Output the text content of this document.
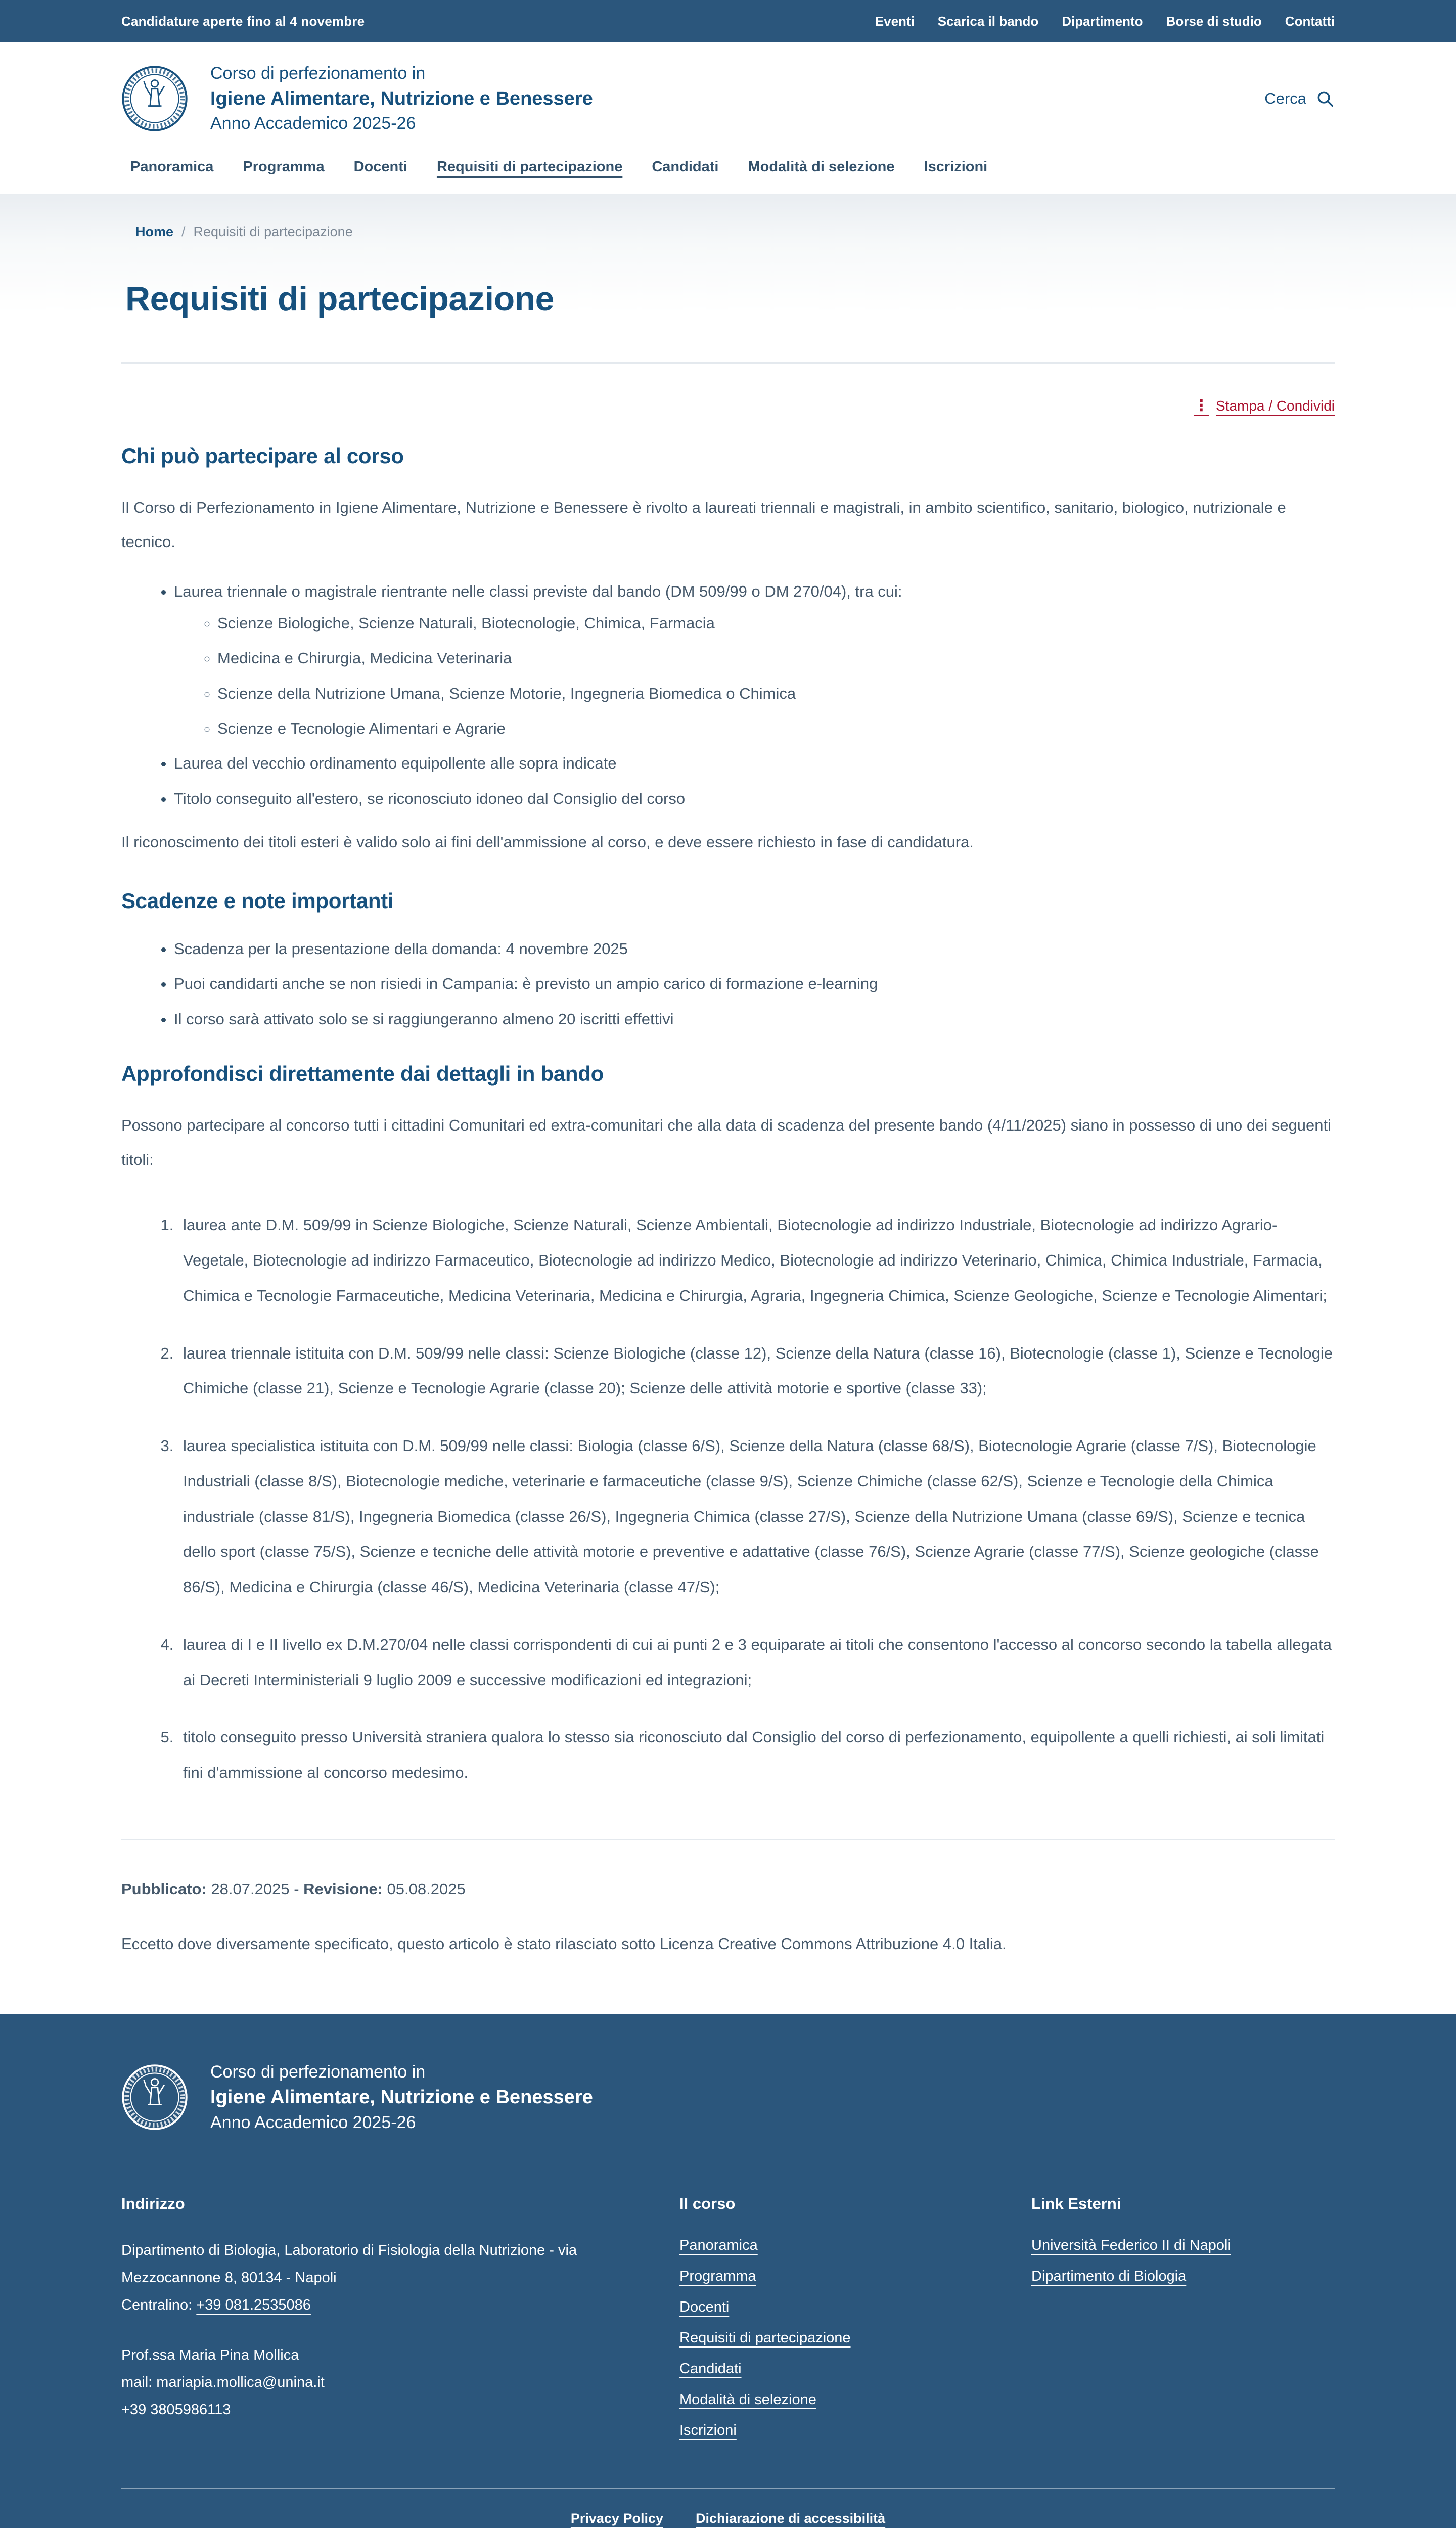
Candidature aperte fino al 4 novembre	Eventi Scarica il bando Dipartimento Borse di studio Contatti
Corso di perfezionamento in
Igiene Alimentare, Nutrizione e Benessere
Anno Accademico 2025-26
Cerca
Panoramica Programma Docenti Requisiti di partecipazione Candidati Modalità di selezione Iscrizioni
Home / Requisiti di partecipazione
Requisiti di partecipazione
⋮ Stampa / Condividi
Chi può partecipare al corso

Il Corso di Perfezionamento in Igiene Alimentare, Nutrizione e Benessere è rivolto a laureati triennali e magistrali, in ambito scientifico, sanitario, biologico, nutrizionale e tecnico.

• Laurea triennale o magistrale rientrante nelle classi previste dal bando (DM 509/99 o DM 270/04), tra cui:
◦ Scienze Biologiche, Scienze Naturali, Biotecnologie, Chimica, Farmacia
◦ Medicina e Chirurgia, Medicina Veterinaria
◦ Scienze della Nutrizione Umana, Scienze Motorie, Ingegneria Biomedica o Chimica
◦ Scienze e Tecnologie Alimentari e Agrarie
• Laurea del vecchio ordinamento equipollente alle sopra indicate
• Titolo conseguito all'estero, se riconosciuto idoneo dal Consiglio del corso

Il riconoscimento dei titoli esteri è valido solo ai fini dell'ammissione al corso, e deve essere richiesto in fase di candidatura.

Scadenze e note importanti
• Scadenza per la presentazione della domanda: 4 novembre 2025
• Puoi candidarti anche se non risiedi in Campania: è previsto un ampio carico di formazione e-learning
• Il corso sarà attivato solo se si raggiungeranno almeno 20 iscritti effettivi
Approfondisci direttamente dai dettagli in bando

Possono partecipare al concorso tutti i cittadini Comunitari ed extra-comunitari che alla data di scadenza del presente bando (4/11/2025) siano in possesso di uno dei seguenti titoli:

1. laurea ante D.M. 509/99 in Scienze Biologiche, Scienze Naturali, Scienze Ambientali, Biotecnologie ad indirizzo Industriale, Biotecnologie ad indirizzo Agrario-Vegetale, Biotecnologie ad indirizzo Farmaceutico, Biotecnologie ad indirizzo Medico, Biotecnologie ad indirizzo Veterinario, Chimica, Chimica Industriale, Farmacia, Chimica e Tecnologie Farmaceutiche, Medicina Veterinaria, Medicina e Chirurgia, Agraria, Ingegneria Chimica, Scienze Geologiche, Scienze e Tecnologie Alimentari;
2. laurea triennale istituita con D.M. 509/99 nelle classi: Scienze Biologiche (classe 12), Scienze della Natura (classe 16), Biotecnologie (classe 1), Scienze e Tecnologie Chimiche (classe 21), Scienze e Tecnologie Agrarie (classe 20); Scienze delle attività motorie e sportive (classe 33);
3. laurea specialistica istituita con D.M. 509/99 nelle classi: Biologia (classe 6/S), Scienze della Natura (classe 68/S), Biotecnologie Agrarie (classe 7/S), Biotecnologie Industriali (classe 8/S), Biotecnologie mediche, veterinarie e farmaceutiche (classe 9/S), Scienze Chimiche (classe 62/S), Scienze e Tecnologie della Chimica industriale (classe 81/S), Ingegneria Biomedica (classe 26/S), Ingegneria Chimica (classe 27/S), Scienze della Nutrizione Umana (classe 69/S), Scienze e tecnica dello sport (classe 75/S), Scienze e tecniche delle attività motorie e preventive e adattative (classe 76/S), Scienze Agrarie (classe 77/S), Scienze geologiche (classe 86/S), Medicina e Chirurgia (classe 46/S), Medicina Veterinaria (classe 47/S);
4. laurea di I e II livello ex D.M.270/04 nelle classi corrispondenti di cui ai punti 2 e 3 equiparate ai titoli che consentono l'accesso al concorso secondo la tabella allegata ai Decreti Interministeriali 9 luglio 2009 e successive modificazioni ed integrazioni;
5. titolo conseguito presso Università straniera qualora lo stesso sia riconosciuto dal Consiglio del corso di perfezionamento, equipollente a quelli richiesti, ai soli limitati fini d'ammissione al concorso medesimo.

Pubblicato: 28.07.2025 - Revisione: 05.08.2025

Eccetto dove diversamente specificato, questo articolo è stato rilasciato sotto Licenza Creative Commons Attribuzione 4.0 Italia.

Corso di perfezionamento in
Igiene Alimentare, Nutrizione e Benessere
Anno Accademico 2025-26
Indirizzo

Dipartimento di Biologia, Laboratorio di Fisiologia della Nutrizione - via Mezzocannone 8, 80134 - Napoli
Centralino: +39 081.2535086

Prof.ssa Maria Pina Mollica
mail: mariapia.mollica@unina.it
+39 3805986113

Il corso
Panoramica
Programma
Docenti
Requisiti di partecipazione
Candidati
Modalità di selezione
Iscrizioni
Link Esterni
Università Federico II di Napoli
Dipartimento di Biologia
Privacy Policy Dichiarazione di accessibilità
